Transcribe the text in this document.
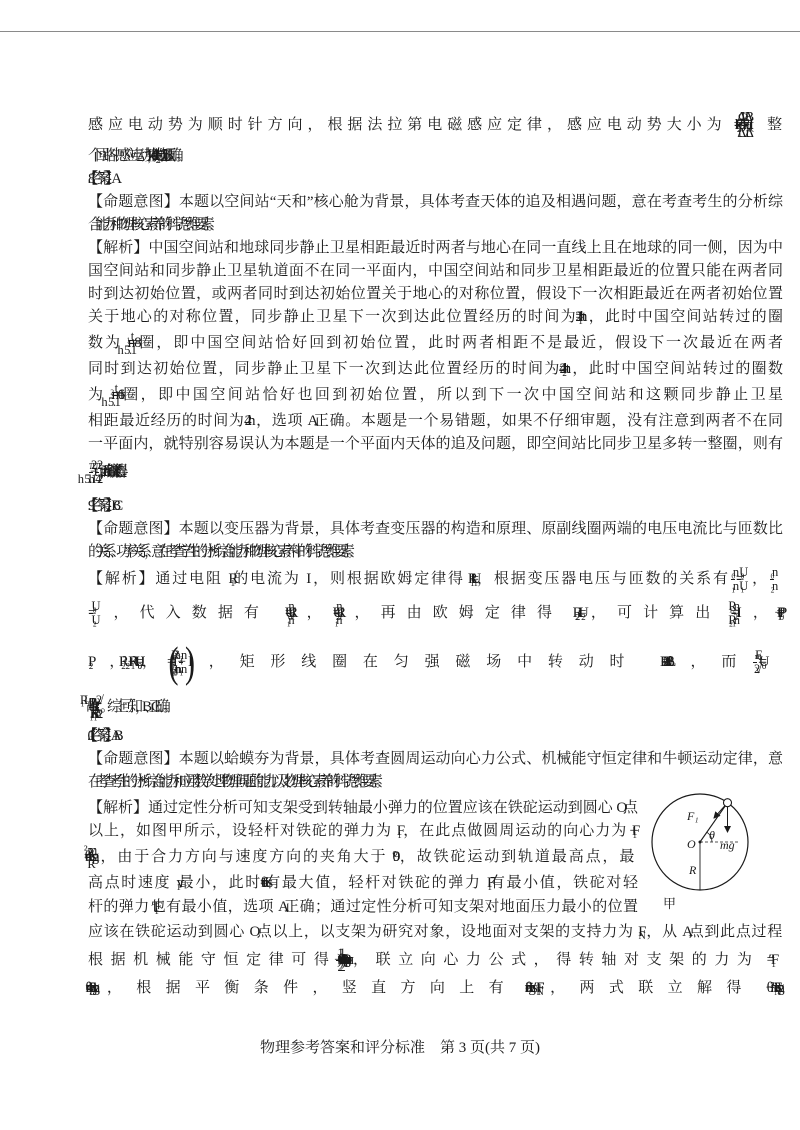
感应电动势为顺时针方向，根据法拉第电磁感应定律，感应电动势大小为 E₂= ΔΦ₂ = ΔB (πd²)=πd²k，整
个回路中感应电动势为 E=E₁−E₂=12πd²k，选项 B 正确。
8.【答案】A
【命题意图】本题以空间站“天和”核心舱为背景，具体考查天体的追及相遇问题，意在考查考生的分析综
合能力和物理核心素养的科学思维要素。
【解析】中国空间站和地球同步静止卫星相距最近时两者与地心在同一直线上且在地球的同一侧，因为中
国空间站和同步静止卫星轨道面不在同一平面内，中国空间站和同步卫星相距最近的位置只能在两者同
时到达初始位置，或两者同时到达初始位置关于地心的对称位置，假设下一次相距最近在两者初始位置
关于地心的对称位置，同步静止卫星下一次到达此位置经历的时间为 t₁=12 h，此时中国空间站转过的圈
数为 n= =8 圈，即中国空间站恰好回到初始位置，此时两者相距不是最近，假设下一次最近在两者
同时到达初始位置，同步静止卫星下一次到达此位置经历的时间为 t₂=24 h，此时中国空间站转过的圈数
为 n= =16 圈，即中国空间站恰好也回到初始位置，所以到下一次中国空间站和这颗同步静止卫星
相距最近经历的时间为24 h，选项 A 正确。本题是一个易错题，如果不仔细审题，没有注意到两者不在同
一平面内，就特别容易误认为本题是一个平面内天体的追及问题，即空间站比同步卫星多转一整圈，则有
=2π，解得 t=1.6 h 而错选 C。
9.【答案】BC
【命题意图】本题以变压器为背景，具体考查变压器的构造和原理、原副线圈两端的电压电流比与匝数比
的关系、功率关系，意在考查学生的分析综合能力和物理核心素养中的科学思维要素。
【解析】通过电阻 R₁ 的电流为 I，则根据欧姆定律得 U₁=IR₁，根据变压器电压与匝数的关系有 = ，
= ，代入数据有 U₀= IR₁，U₂= IR₁，再由欧姆定律得 U₂=I₂R₂，可计算出 I₂= I，P₀=P₁+
P₂，I₀U₀=I²R₁+I₂²R₂，I₀=( + )I，矩形线圈在匀强磁场中转动时 Eₘ=2NBL²ω，而 =U₀=
。综上可知，B、C 正确。
10.【答案】AB
【命题意图】本题以蛤蟆夯为背景，具体考查圆周运动向心力公式、机械能守恒定律和牛顿运动定律，意
在考查考生的分析综合能力和应用数学处理物理问题的能力以及物理核心素养的科学思维要素。
【解析】通过定性分析可知支架受到转轴最小弹力的位置应该在铁砣运动到圆心 O 点
以上，如图甲所示，设轻杆对铁砣的弹力为 F₁，在此点做圆周运动的向心力为 F₁+
R ，由于合力方向与速度方向的夹角大于 90°，故铁砣运动到轨道最高点，最
高点时速度 v₁ 最小，此时 sinθ=1 有最大值，轻杆对铁砣的弹力 F₁ 有最小值，铁砣对轻
杆的弹力 F₁′ 也有最小值，选项 A 正确；通过定性分析可知支架对地面压力最小的位置
应该在铁砣运动到圆心 O 点以上，以支架为研究对象，设地面对支架的支持力为 F，从 A 点到此点过程
根据机械能守恒定律可得 mv₁²，联立向心力公式，得转轴对支架的力为 F₁″=
F₁=4mg−3mgsinθ，根据平衡条件，竖直方向上有 F+F₁″sinθ=3mg，两式联立解得 F
F₁
O
θ
mg
R
甲
物理参考答案和评分标准　第 3 页(共 7 页)
